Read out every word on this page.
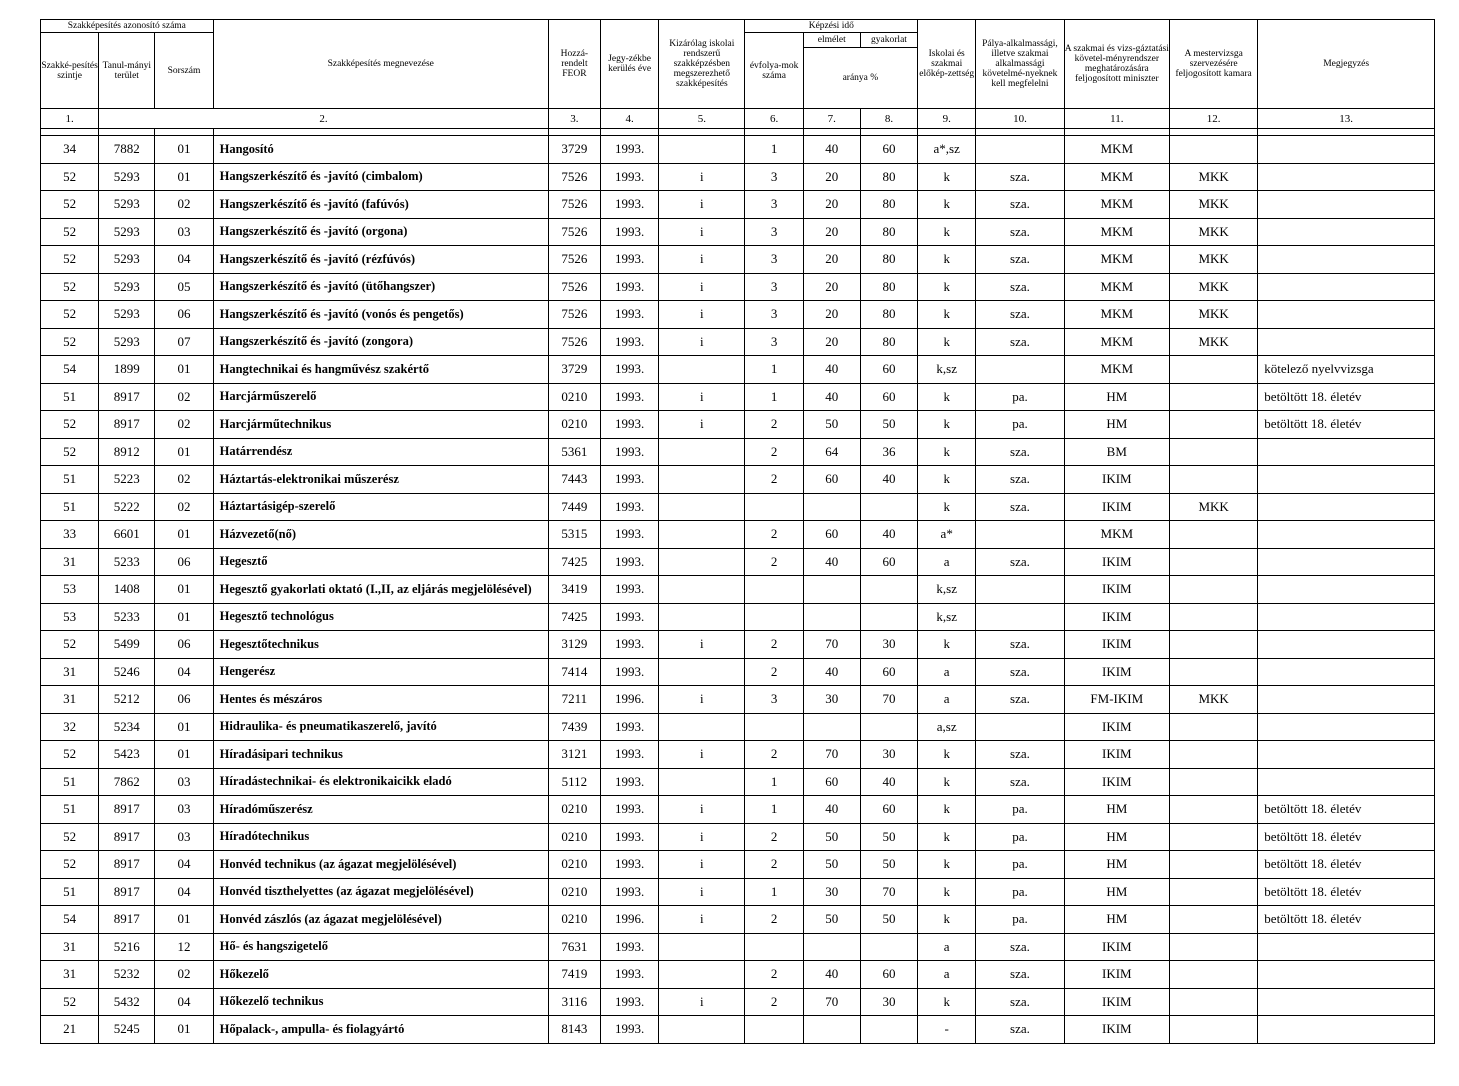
Szakképesítés azonosító száma			Szakképesítés megnevezése	Hozzá-rendelt FEOR	Jegy-zékbe kerülés éve	Kizárólag iskolai rendszerű szakképzésben megszerezhető szakképesítés	Képzési idő			Iskolai és szakmai előkép-zettség	Pálya-alkalmassági, illetve szakmai alkalmassági követelmé-nyeknek kell megfelelni	A szakmai és vizs-gáztatási követel-ményrendszer meghatározására feljogosított miniszter	A mestervizsga szervezésére feljogosított kamara	Megjegyzés
Szakké-pesítés szintje	Tanul-mányi terület	Sorszám					évfolya-mok száma	elmélet	gyakorlat					
								aránya %						
1.	2.			3.	4.	5.	6.	7.	8.	9.	10.	11.	12.	13.

34	7882	01	Hangosító	3729	1993.		1	40	60	a*,sz		MKM		
52	5293	01	Hangszerkészítő és -javító (cimbalom)	7526	1993.	i	3	20	80	k	sza.	MKM	MKK	
52	5293	02	Hangszerkészítő és -javító (fafúvós)	7526	1993.	i	3	20	80	k	sza.	MKM	MKK	
52	5293	03	Hangszerkészítő és -javító (orgona)	7526	1993.	i	3	20	80	k	sza.	MKM	MKK	
52	5293	04	Hangszerkészítő és -javító (rézfúvós)	7526	1993.	i	3	20	80	k	sza.	MKM	MKK	
52	5293	05	Hangszerkészítő és -javító (ütőhangszer)	7526	1993.	i	3	20	80	k	sza.	MKM	MKK	
52	5293	06	Hangszerkészítő és -javító (vonós és pengetős)	7526	1993.	i	3	20	80	k	sza.	MKM	MKK	
52	5293	07	Hangszerkészítő és -javító (zongora)	7526	1993.	i	3	20	80	k	sza.	MKM	MKK	
54	1899	01	Hangtechnikai és hangművész szakértő	3729	1993.		1	40	60	k,sz		MKM		kötelező nyelvvizsga
51	8917	02	Harcjárműszerelő	0210	1993.	i	1	40	60	k	pa.	HM		betöltött 18. életév
52	8917	02	Harcjárműtechnikus	0210	1993.	i	2	50	50	k	pa.	HM		betöltött 18. életév
52	8912	01	Határrendész	5361	1993.		2	64	36	k	sza.	BM		
51	5223	02	Háztartás-elektronikai műszerész	7443	1993.		2	60	40	k	sza.	IKIM		
51	5222	02	Háztartásigép-szerelő	7449	1993.					k	sza.	IKIM	MKK	
33	6601	01	Házvezető(nő)	5315	1993.		2	60	40	a*		MKM		
31	5233	06	Hegesztő	7425	1993.		2	40	60	a	sza.	IKIM		
53	1408	01	Hegesztő gyakorlati oktató (I.,II, az eljárás megjelölésével)	3419	1993.					k,sz		IKIM		
53	5233	01	Hegesztő technológus	7425	1993.					k,sz		IKIM		
52	5499	06	Hegesztőtechnikus	3129	1993.	i	2	70	30	k	sza.	IKIM		
31	5246	04	Hengerész	7414	1993.		2	40	60	a	sza.	IKIM		
31	5212	06	Hentes és mészáros	7211	1996.	i	3	30	70	a	sza.	FM-IKIM	MKK	
32	5234	01	Hidraulika- és pneumatikaszerelő, javító	7439	1993.					a,sz		IKIM		
52	5423	01	Híradásipari technikus	3121	1993.	i	2	70	30	k	sza.	IKIM		
51	7862	03	Híradástechnikai- és elektronikaicikk eladó	5112	1993.		1	60	40	k	sza.	IKIM		
51	8917	03	Híradóműszerész	0210	1993.	i	1	40	60	k	pa.	HM		betöltött 18. életév
52	8917	03	Híradótechnikus	0210	1993.	i	2	50	50	k	pa.	HM		betöltött 18. életév
52	8917	04	Honvéd technikus (az ágazat megjelölésével)	0210	1993.	i	2	50	50	k	pa.	HM		betöltött 18. életév
51	8917	04	Honvéd tiszthelyettes (az ágazat megjelölésével)	0210	1993.	i	1	30	70	k	pa.	HM		betöltött 18. életév
54	8917	01	Honvéd zászlós (az ágazat megjelölésével)	0210	1996.	i	2	50	50	k	pa.	HM		betöltött 18. életév
31	5216	12	Hő- és hangszigetelő	7631	1993.					a	sza.	IKIM		
31	5232	02	Hőkezelő	7419	1993.		2	40	60	a	sza.	IKIM		
52	5432	04	Hőkezelő technikus	3116	1993.	i	2	70	30	k	sza.	IKIM		
21	5245	01	Hőpalack-, ampulla- és fiolagyártó	8143	1993.					-	sza.	IKIM		
